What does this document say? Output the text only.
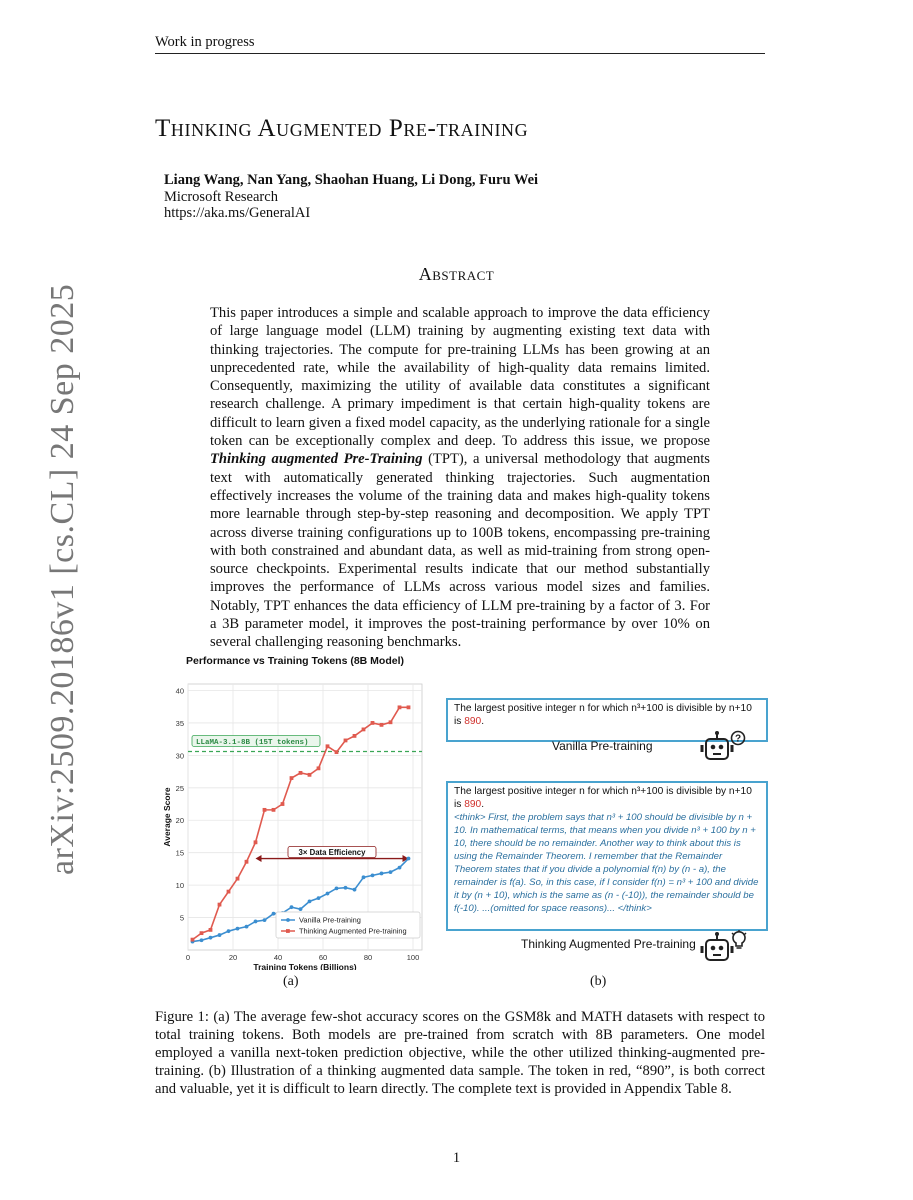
Work in progress
arXiv:2509.20186v1 [cs.CL] 24 Sep 2025
Thinking Augmented Pre-training
Liang Wang, Nan Yang, Shaohan Huang, Li Dong, Furu Wei
Microsoft Research
https://aka.ms/GeneralAI
Abstract
This paper introduces a simple and scalable approach to improve the data efficiency of large language model (LLM) training by augmenting existing text data with thinking trajectories. The compute for pre-training LLMs has been growing at an unprecedented rate, while the availability of high-quality data remains limited. Consequently, maximizing the utility of available data constitutes a significant research challenge. A primary impediment is that certain high-quality tokens are difficult to learn given a fixed model capacity, as the underlying rationale for a single token can be exceptionally complex and deep. To address this issue, we propose Thinking augmented Pre-Training (TPT), a universal methodology that augments text with automatically generated thinking trajectories. Such augmentation effectively increases the volume of the training data and makes high-quality tokens more learnable through step-by-step reasoning and decomposition. We apply TPT across diverse training configurations up to 100B tokens, encompassing pre-training with both constrained and abundant data, as well as mid-training from strong open-source checkpoints. Experimental results indicate that our method substantially improves the performance of LLMs across various model sizes and families. Notably, TPT enhances the data efficiency of LLM pre-training by a factor of 3. For a 3B parameter model, it improves the post-training performance by over 10% on several challenging reasoning benchmarks.
Performance vs Training Tokens (8B Model)
5
10
15
20
25
30
35
40
0	20	40	60	80	100
Training Tokens (Billions)
Average Score
LLaMA-3.1-8B (15T tokens)
3× Data Efficiency
Vanilla Pre-training
Thinking Augmented Pre-training
(a)
The largest positive integer n for which n³+100 is divisible by n+10 is 890.
Vanilla Pre-training	?
The largest positive integer n for which n³+100 is divisible by n+10 is 890.
<think> First, the problem says that n³ + 100 should be divisible by n + 10. In mathematical terms, that means when you divide n³ + 100 by n + 10, there should be no remainder. Another way to think about this is using the Remainder Theorem. I remember that the Remainder Theorem states that if you divide a polynomial f(n) by (n - a), the remainder is f(a). So, in this case, if I consider f(n) = n³ + 100 and divide it by (n + 10), which is the same as (n - (-10)), the remainder should be f(-10). ...(omitted for space reasons)... </think>
Thinking Augmented Pre-training
(b)
Figure 1: (a) The average few-shot accuracy scores on the GSM8k and MATH datasets with respect to total training tokens. Both models are pre-trained from scratch with 8B parameters. One model employed a vanilla next-token prediction objective, while the other utilized thinking-augmented pre-training. (b) Illustration of a thinking augmented data sample. The token in red, “890”, is both correct and valuable, yet it is difficult to learn directly. The complete text is provided in Appendix Table 8.
1
